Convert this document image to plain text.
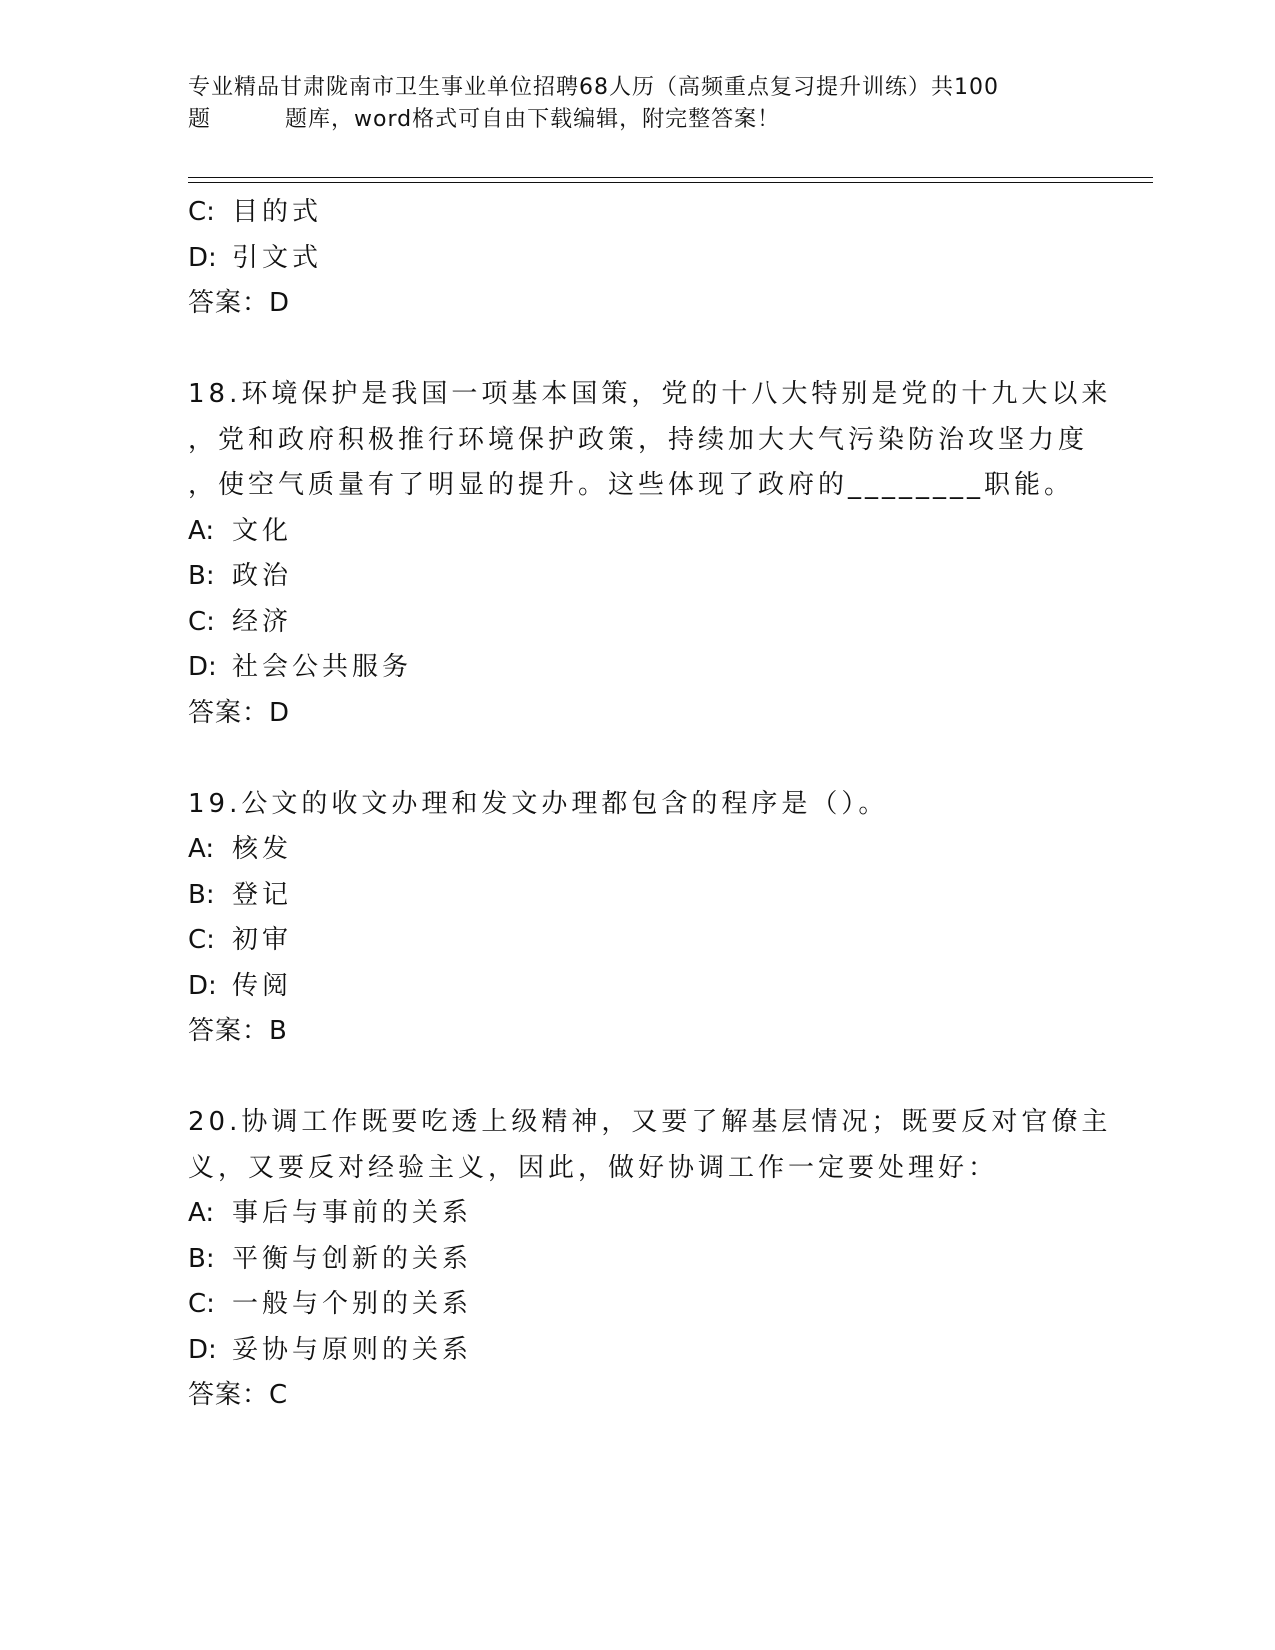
专业精品甘肃陇南市卫生事业单位招聘68人历（高频重点复习提升训练）共100
题	题库，word格式可自由下载编辑，附完整答案！
C: 目的式
D: 引文式
答案：D
18.环境保护是我国一项基本国策，党的十八大特别是党的十九大以来
，党和政府积极推行环境保护政策，持续加大大气污染防治攻坚力度
，使空气质量有了明显的提升。这些体现了政府的________职能。
A: 文化
B: 政治
C: 经济
D: 社会公共服务
答案：D
19.公文的收文办理和发文办理都包含的程序是（）。
A: 核发
B: 登记
C: 初审
D: 传阅
答案：B
20.协调工作既要吃透上级精神，又要了解基层情况；既要反对官僚主
义，又要反对经验主义，因此，做好协调工作一定要处理好：
A: 事后与事前的关系
B: 平衡与创新的关系
C: 一般与个别的关系
D: 妥协与原则的关系
答案：C
